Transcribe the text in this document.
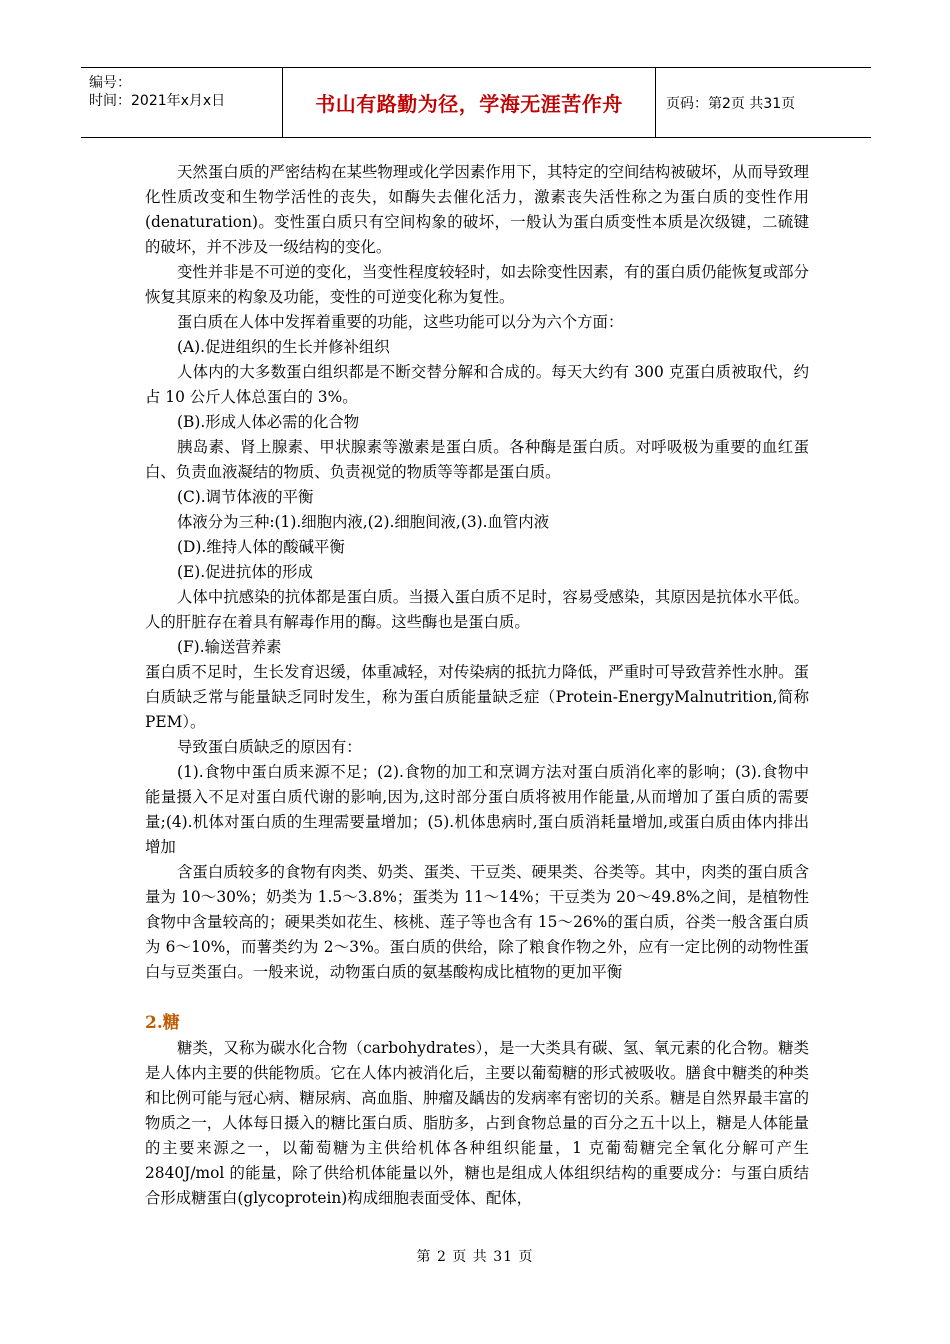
编号：
时间：2021年x月x日	书山有路勤为径，学海无涯苦作舟	页码：第2页 共31页

天然蛋白质的严密结构在某些物理或化学因素作用下，其特定的空间结构被破坏，从而导致理化性质改变和生物学活性的丧失，如酶失去催化活力，激素丧失活性称之为蛋白质的变性作用(denaturation)。变性蛋白质只有空间构象的破坏，一般认为蛋白质变性本质是次级键，二硫键的破坏，并不涉及一级结构的变化。

变性并非是不可逆的变化，当变性程度较轻时，如去除变性因素，有的蛋白质仍能恢复或部分恢复其原来的构象及功能，变性的可逆变化称为复性。

蛋白质在人体中发挥着重要的功能，这些功能可以分为六个方面：

(A).促进组织的生长并修补组织

人体内的大多数蛋白组织都是不断交替分解和合成的。每天大约有 300 克蛋白质被取代，约占 10 公斤人体总蛋白的 3%。

(B).形成人体必需的化合物

胰岛素、肾上腺素、甲状腺素等激素是蛋白质。各种酶是蛋白质。对呼吸极为重要的血红蛋白、负责血液凝结的物质、负责视觉的物质等等都是蛋白质。

(C).调节体液的平衡

体液分为三种:(1).细胞内液,(2).细胞间液,(3).血管内液

(D).维持人体的酸碱平衡

(E).促进抗体的形成

人体中抗感染的抗体都是蛋白质。当摄入蛋白质不足时，容易受感染，其原因是抗体水平低。人的肝脏存在着具有解毒作用的酶。这些酶也是蛋白质。

(F).输送营养素

蛋白质不足时，生长发育迟缓，体重减轻，对传染病的抵抗力降低，严重时可导致营养性水肿。蛋白质缺乏常与能量缺乏同时发生，称为蛋白质能量缺乏症（Protein-EnergyMalnutrition,简称 PEM）。

导致蛋白质缺乏的原因有：

(1).食物中蛋白质来源不足；(2).食物的加工和烹调方法对蛋白质消化率的影响；(3).食物中能量摄入不足对蛋白质代谢的影响,因为,这时部分蛋白质将被用作能量,从而增加了蛋白质的需要量;(4).机体对蛋白质的生理需要量增加；(5).机体患病时,蛋白质消耗量增加,或蛋白质由体内排出增加

含蛋白质较多的食物有肉类、奶类、蛋类、干豆类、硬果类、谷类等。其中，肉类的蛋白质含量为 10～30%；奶类为 1.5～3.8%；蛋类为 11～14%；干豆类为 20～49.8%之间，是植物性食物中含量较高的；硬果类如花生、核桃、莲子等也含有 15～26%的蛋白质，谷类一般含蛋白质为 6～10%，而薯类约为 2～3%。蛋白质的供给，除了粮食作物之外，应有一定比例的动物性蛋白与豆类蛋白。一般来说，动物蛋白质的氨基酸构成比植物的更加平衡

2.糖

糖类，又称为碳水化合物（carbohydrates），是一大类具有碳、氢、氧元素的化合物。糖类是人体内主要的供能物质。它在人体内被消化后，主要以葡萄糖的形式被吸收。膳食中糖类的种类和比例可能与冠心病、糖尿病、高血脂、肿瘤及龋齿的发病率有密切的关系。糖是自然界最丰富的物质之一，人体每日摄入的糖比蛋白质、脂肪多，占到食物总量的百分之五十以上，糖是人体能量的主要来源之一，以葡萄糖为主供给机体各种组织能量，1 克葡萄糖完全氧化分解可产生 2840J/mol 的能量，除了供给机体能量以外，糖也是组成人体组织结构的重要成分：与蛋白质结合形成糖蛋白(glycoprotein)构成细胞表面受体、配体，

第 2 页 共 31 页
